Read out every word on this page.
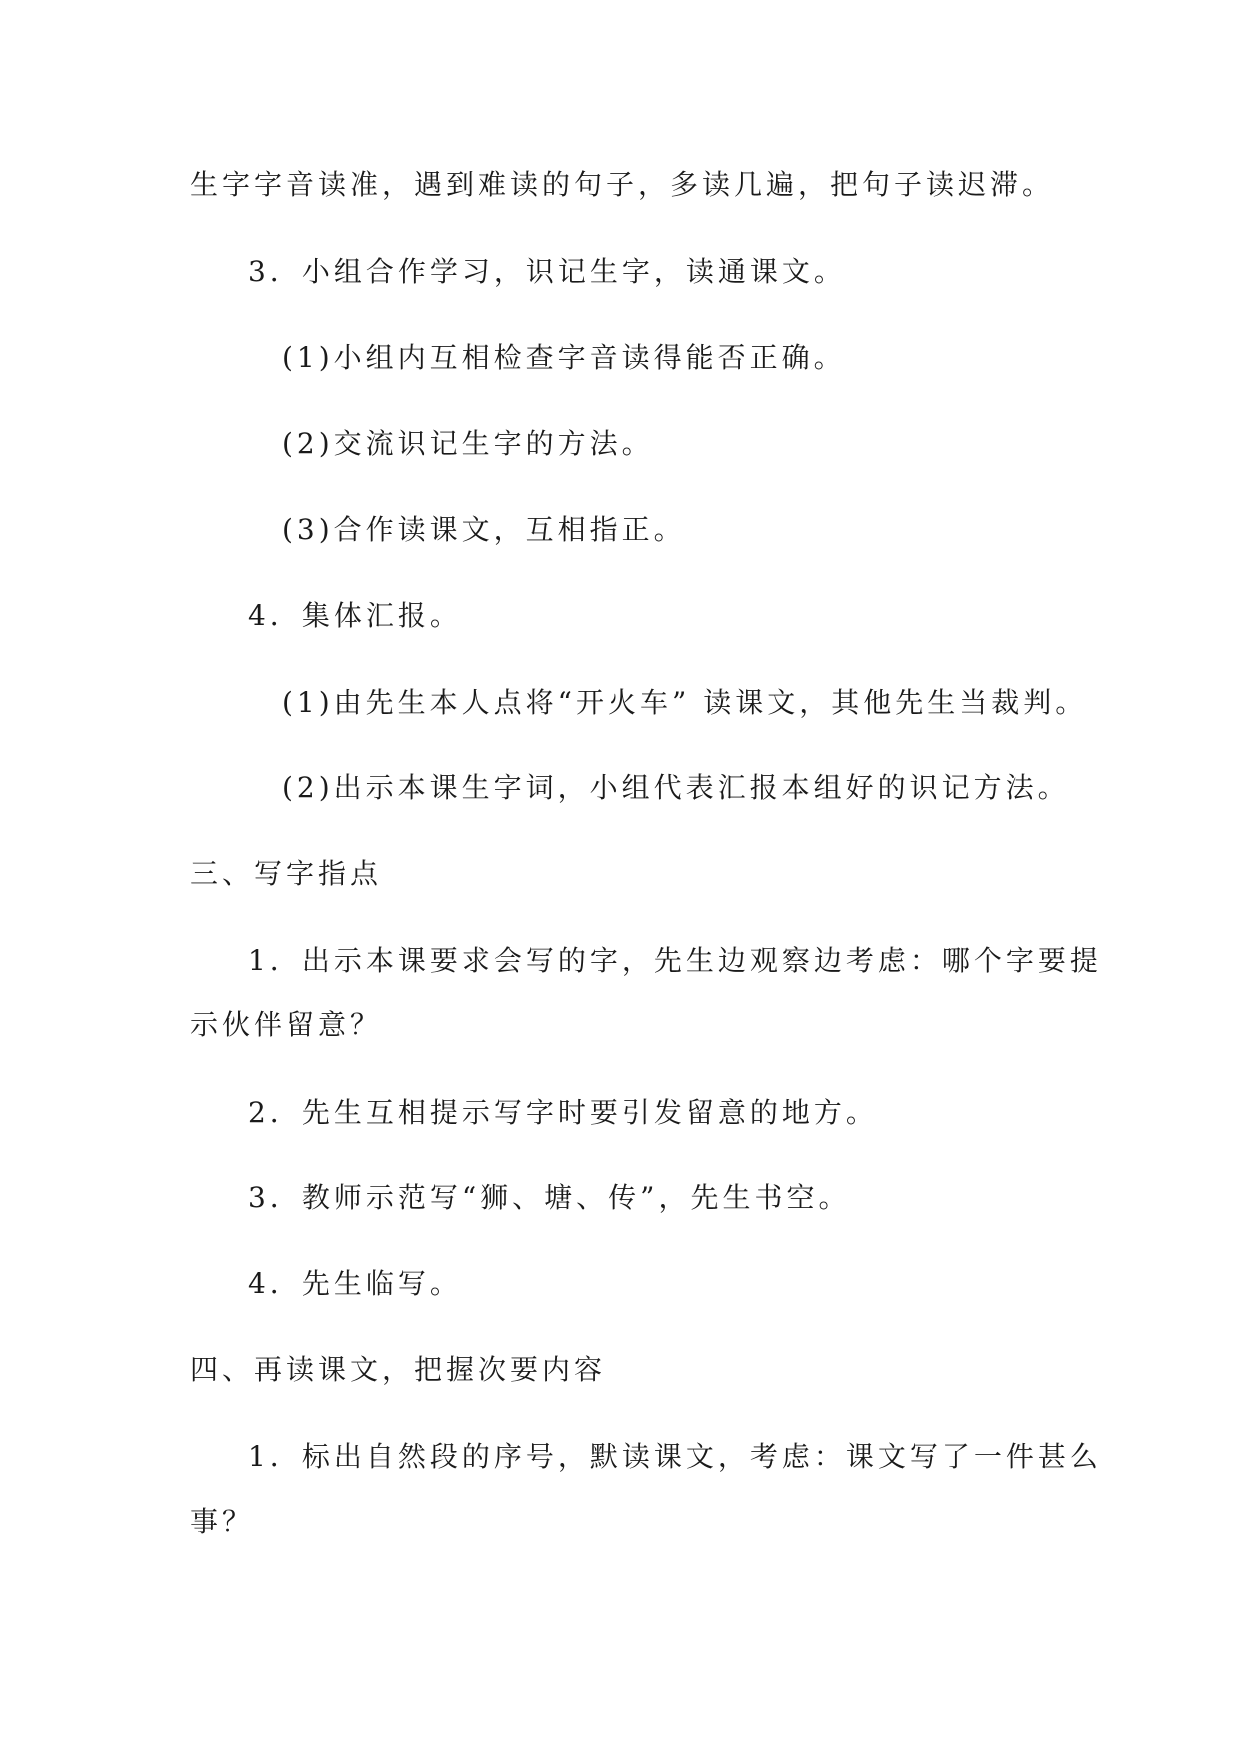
生字字音读准，遇到难读的句子，多读几遍，把句子读迟滞。

3．小组合作学习，识记生字，读通课文。

(1)小组内互相检查字音读得能否正确。

(2)交流识记生字的方法。

(3)合作读课文，互相指正。

4．集体汇报。

(1)由先生本人点将“开火车” 读课文，其他先生当裁判。

(2)出示本课生字词，小组代表汇报本组好的识记方法。

三、写字指点

1．出示本课要求会写的字，先生边观察边考虑：哪个字要提

示伙伴留意？

2．先生互相提示写字时要引发留意的地方。

3．教师示范写“狮、塘、传”，先生书空。

4．先生临写。

四、再读课文，把握次要内容

1．标出自然段的序号，默读课文，考虑：课文写了一件甚么

事？
